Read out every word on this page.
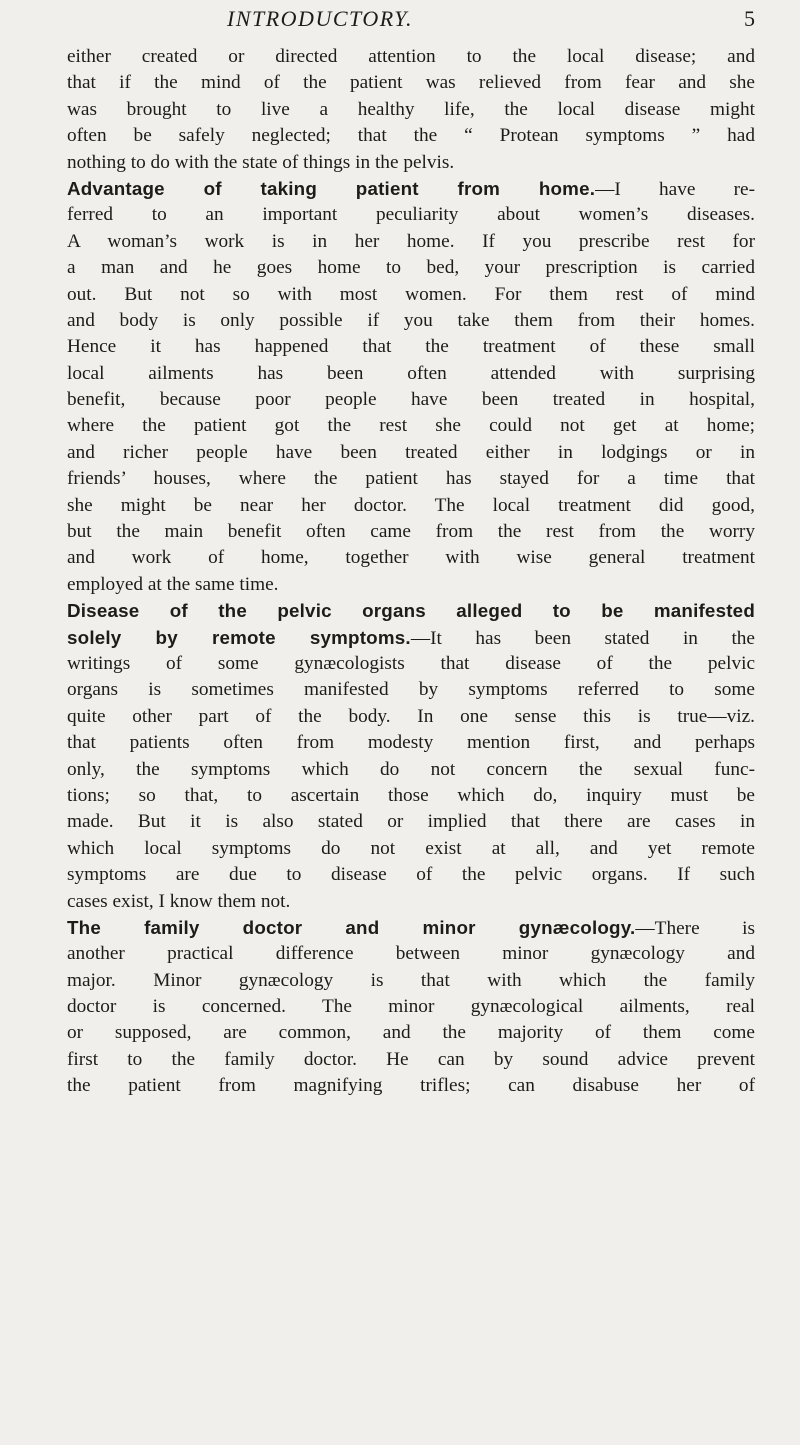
INTRODUCTORY.	5
either created or directed attention to the local disease; and
that if the mind of the patient was relieved from fear and she
was brought to live a healthy life, the local disease might
often be safely neglected; that the “ Protean symptoms ” had
nothing to do with the state of things in the pelvis.
Advantage of taking patient from home.—I have re-
ferred to an important peculiarity about women’s diseases.
A woman’s work is in her home. If you prescribe rest for
a man and he goes home to bed, your prescription is carried
out. But not so with most women. For them rest of mind
and body is only possible if you take them from their homes.
Hence it has happened that the treatment of these small
local ailments has been often attended with surprising
benefit, because poor people have been treated in hospital,
where the patient got the rest she could not get at home;
and richer people have been treated either in lodgings or in
friends’ houses, where the patient has stayed for a time that
she might be near her doctor. The local treatment did good,
but the main benefit often came from the rest from the worry
and work of home, together with wise general treatment
employed at the same time.
Disease of the pelvic organs alleged to be manifested
solely by remote symptoms.—It has been stated in the
writings of some gynæcologists that disease of the pelvic
organs is sometimes manifested by symptoms referred to some
quite other part of the body. In one sense this is true—viz.
that patients often from modesty mention first, and perhaps
only, the symptoms which do not concern the sexual func-
tions; so that, to ascertain those which do, inquiry must be
made. But it is also stated or implied that there are cases in
which local symptoms do not exist at all, and yet remote
symptoms are due to disease of the pelvic organs. If such
cases exist, I know them not.
The family doctor and minor gynæcology.—There is
another practical difference between minor gynæcology and
major. Minor gynæcology is that with which the family
doctor is concerned. The minor gynæcological ailments, real
or supposed, are common, and the majority of them come
first to the family doctor. He can by sound advice prevent
the patient from magnifying trifles; can disabuse her of
